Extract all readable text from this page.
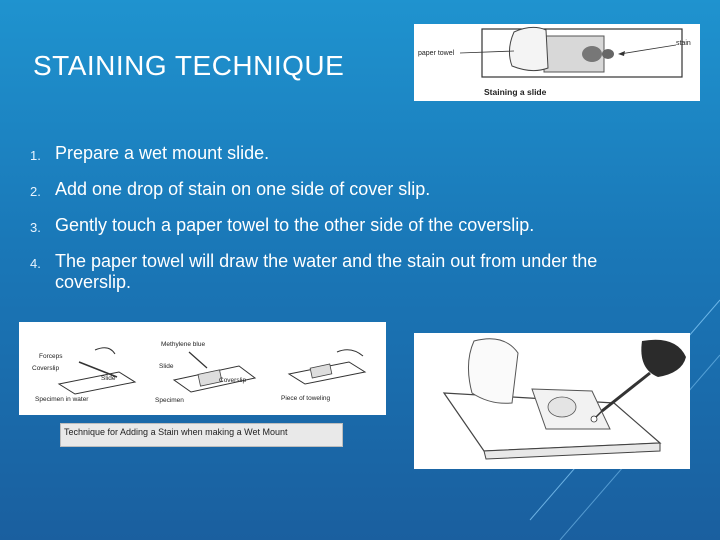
STAINING TECHNIQUE	paper towel
stain
Staining a slide
1. Prepare a wet mount slide.
2. Add one drop of stain on one side of cover slip.
3. Gently touch a paper towel to the other side of the coverslip.
4. The paper towel will draw the water and the stain out from under the coverslip.
Forceps
Coverslip
Slide
Specimen in water
Methylene blue
Slide
Coverslip
Specimen	Piece of toweling
Technique for Adding a Stain when making a Wet Mount
